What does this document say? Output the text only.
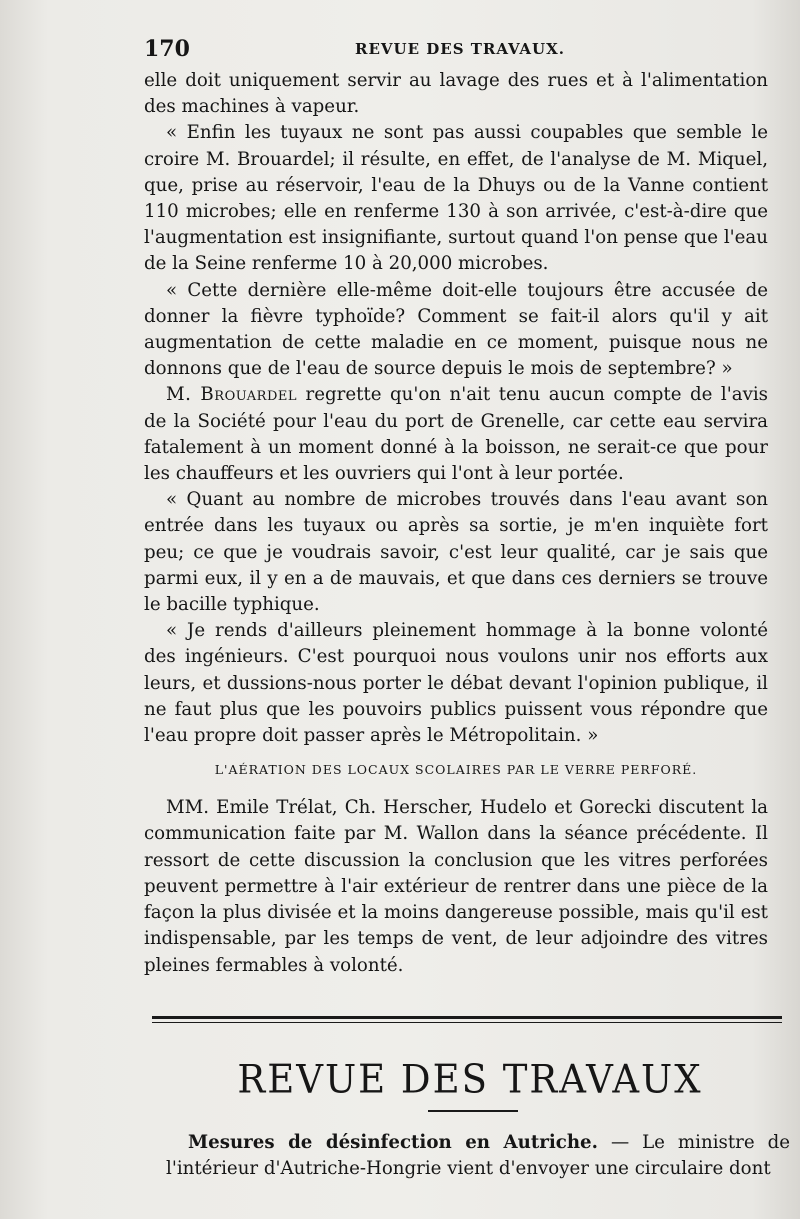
170	REVUE DES TRAVAUX.

elle doit uniquement servir au lavage des rues et à l'alimentation des machines à vapeur.

« Enfin les tuyaux ne sont pas aussi coupables que semble le croire M. Brouardel; il résulte, en effet, de l'analyse de M. Miquel, que, prise au réservoir, l'eau de la Dhuys ou de la Vanne contient 110 microbes; elle en renferme 130 à son arrivée, c'est-à-dire que l'augmentation est insignifiante, surtout quand l'on pense que l'eau de la Seine renferme 10 à 20,000 microbes.

« Cette dernière elle-même doit-elle toujours être accusée de donner la fièvre typhoïde? Comment se fait-il alors qu'il y ait augmentation de cette maladie en ce moment, puisque nous ne donnons que de l'eau de source depuis le mois de septembre? »

M. Brouardel regrette qu'on n'ait tenu aucun compte de l'avis de la Société pour l'eau du port de Grenelle, car cette eau servira fatalement à un moment donné à la boisson, ne serait-ce que pour les chauffeurs et les ouvriers qui l'ont à leur portée.

« Quant au nombre de microbes trouvés dans l'eau avant son entrée dans les tuyaux ou après sa sortie, je m'en inquiète fort peu; ce que je voudrais savoir, c'est leur qualité, car je sais que parmi eux, il y en a de mauvais, et que dans ces derniers se trouve le bacille typhique.

« Je rends d'ailleurs pleinement hommage à la bonne volonté des ingénieurs. C'est pourquoi nous voulons unir nos efforts aux leurs, et dussions-nous porter le débat devant l'opinion publique, il ne faut plus que les pouvoirs publics puissent vous répondre que l'eau propre doit passer après le Métropolitain. »

L'AÉRATION DES LOCAUX SCOLAIRES PAR LE VERRE PERFORÉ.

MM. Emile Trélat, Ch. Herscher, Hudelo et Gorecki discutent la communication faite par M. Wallon dans la séance précédente. Il ressort de cette discussion la conclusion que les vitres perforées peuvent permettre à l'air extérieur de rentrer dans une pièce de la façon la plus divisée et la moins dangereuse possible, mais qu'il est indispensable, par les temps de vent, de leur adjoindre des vitres pleines fermables à volonté.

REVUE DES TRAVAUX

Mesures de désinfection en Autriche. — Le ministre de l'intérieur d'Autriche-Hongrie vient d'envoyer une circulaire dont
